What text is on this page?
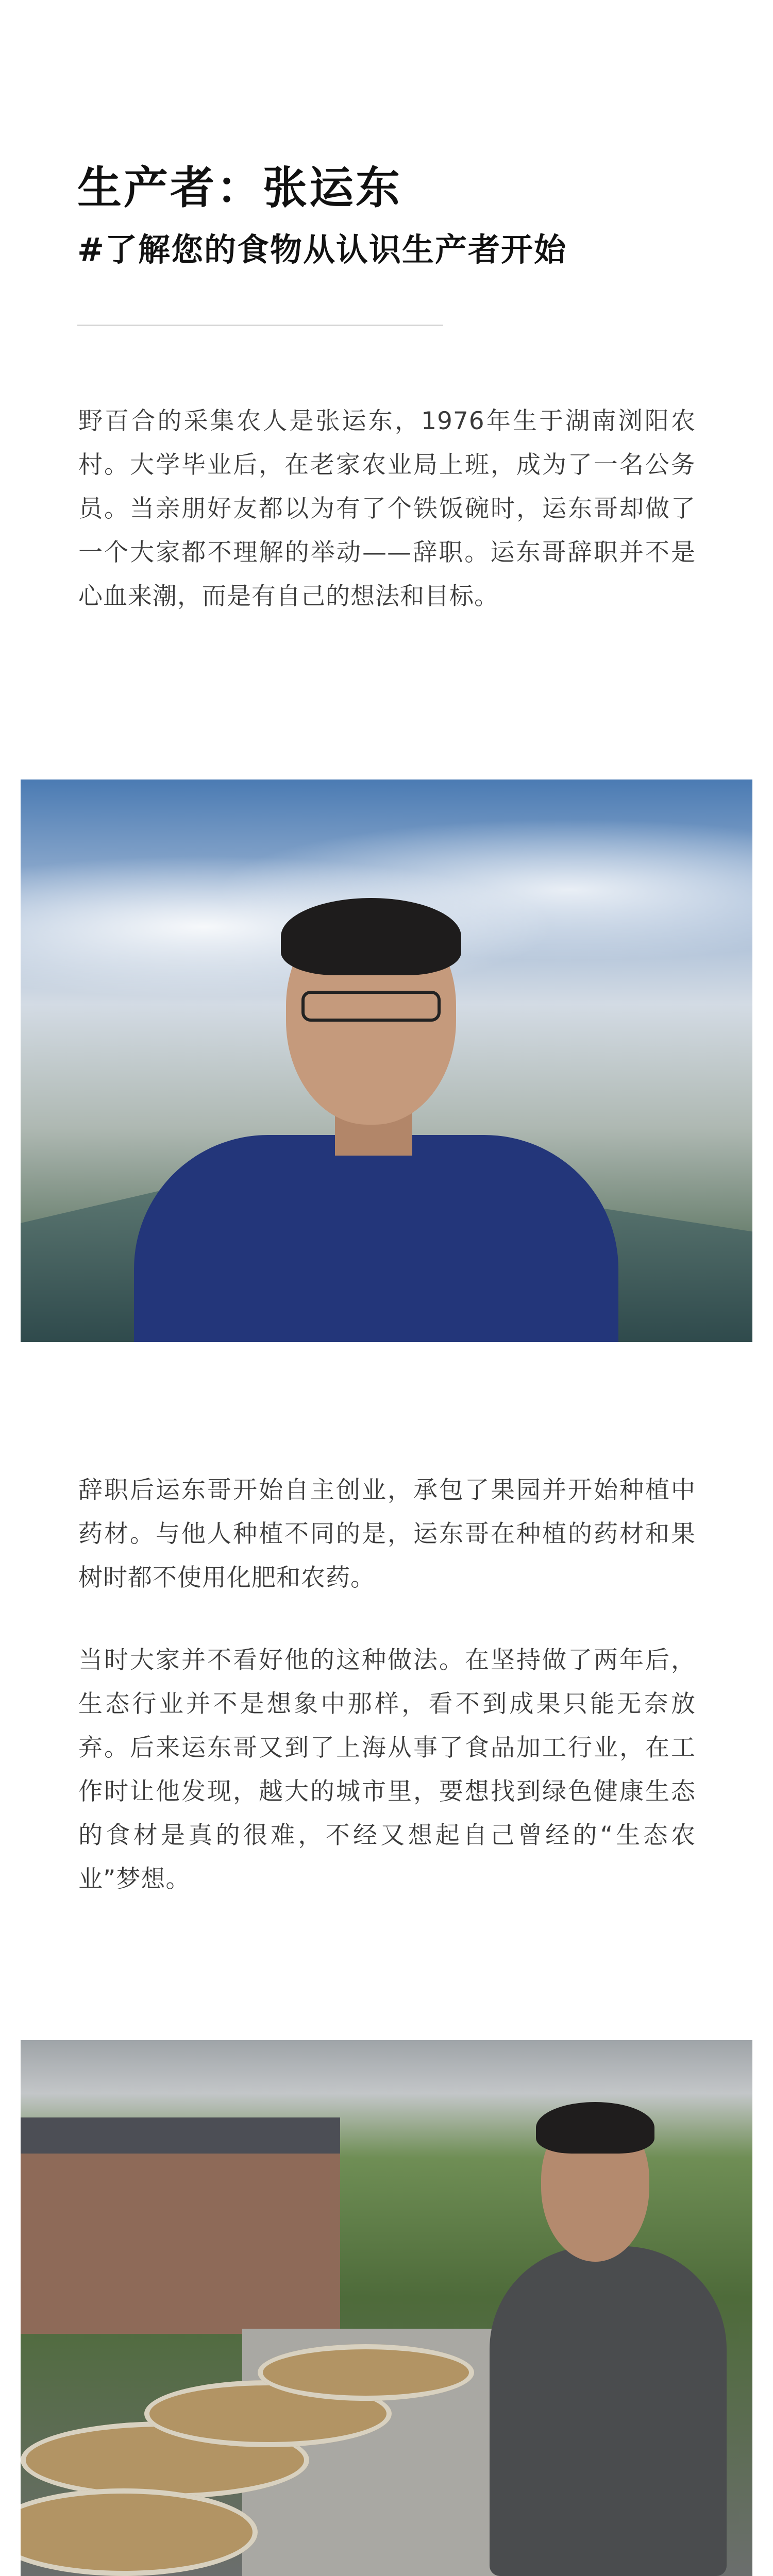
生产者：张运东
#了解您的食物从认识生产者开始
野百合的采集农人是张运东，1976年生于湖南浏阳农村。大学毕业后，在老家农业局上班，成为了一名公务员。当亲朋好友都以为有了个铁饭碗时，运东哥却做了一个大家都不理解的举动——辞职。运东哥辞职并不是心血来潮，而是有自己的想法和目标。
辞职后运东哥开始自主创业，承包了果园并开始种植中药材。与他人种植不同的是，运东哥在种植的药材和果树时都不使用化肥和农药。
当时大家并不看好他的这种做法。在坚持做了两年后，生态行业并不是想象中那样，看不到成果只能无奈放弃。后来运东哥又到了上海从事了食品加工行业，在工作时让他发现，越大的城市里，要想找到绿色健康生态的食材是真的很难，不经又想起自己曾经的“生态农业”梦想。
